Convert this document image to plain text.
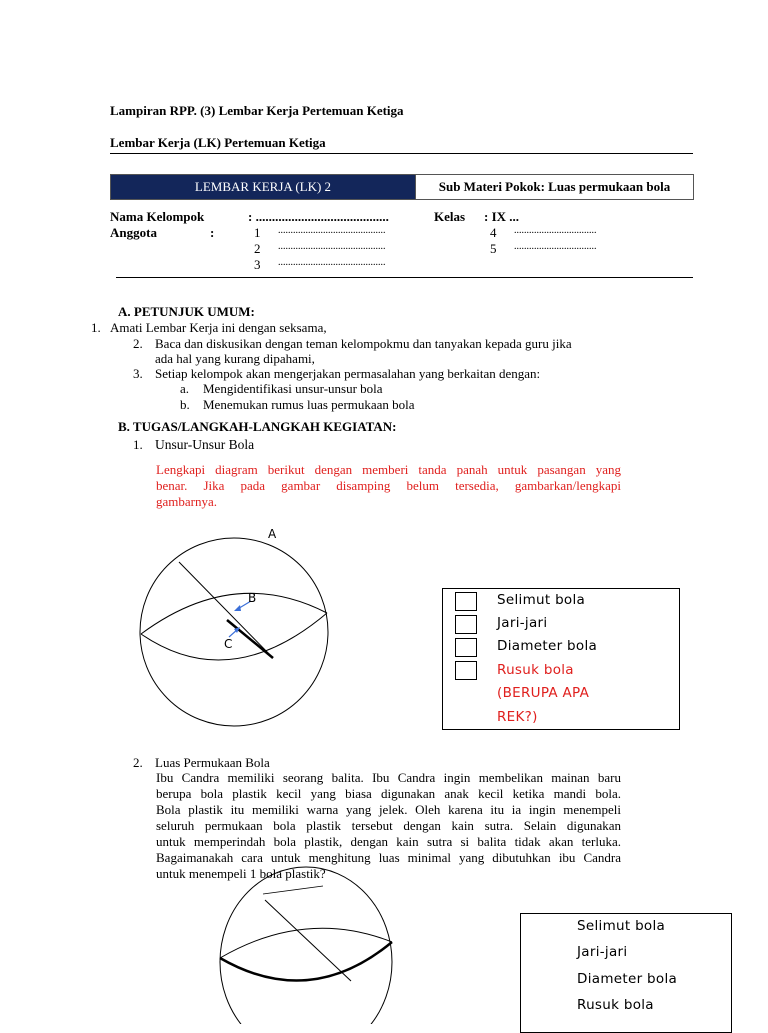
Lampiran RPP. (3) Lembar Kerja Pertemuan Ketiga
Lembar Kerja (LK) Pertemuan Ketiga
LEMBAR KERJA (LK) 2	Sub Materi Pokok: Luas permukaan bola
Nama Kelompok	: .........................................	Kelas : IX ...
Anggota	:	1 ...........................................
2 ...........................................
3 ...........................................
4 .................................
5 .................................
A. PETUNJUK UMUM:
1. Amati Lembar Kerja ini dengan seksama,
2. Baca dan diskusikan dengan teman kelompokmu dan tanyakan kepada guru jika
ada hal yang kurang dipahami,
3. Setiap kelompok akan mengerjakan permasalahan yang berkaitan dengan:
a. Mengidentifikasi unsur-unsur bola
b. Menemukan rumus luas permukaan bola
B. TUGAS/LANGKAH-LANGKAH KEGIATAN:
1. Unsur-Unsur Bola
Lengkapi diagram berikut dengan memberi tanda panah untuk pasangan yang
benar. Jika pada gambar disamping belum tersedia, gambarkan/lengkapi
gambarnya.
A
B
C
Selimut bola
Jari-jari
Diameter bola
Rusuk bola
(BERUPA APA
REK?)
2. Luas Permukaan Bola
Ibu Candra memiliki seorang balita. Ibu Candra ingin membelikan mainan baru
berupa bola plastik kecil yang biasa digunakan anak kecil ketika mandi bola.
Bola plastik itu memiliki warna yang jelek. Oleh karena itu ia ingin menempeli
seluruh permukaan bola plastik tersebut dengan kain sutra. Selain digunakan
untuk memperindah bola plastik, dengan kain sutra si balita tidak akan terluka.
Bagaimanakah cara untuk menghitung luas minimal yang dibutuhkan ibu Candra
untuk menempeli 1 bola plastik?
Selimut bola
Jari-jari
Diameter bola
Rusuk bola
